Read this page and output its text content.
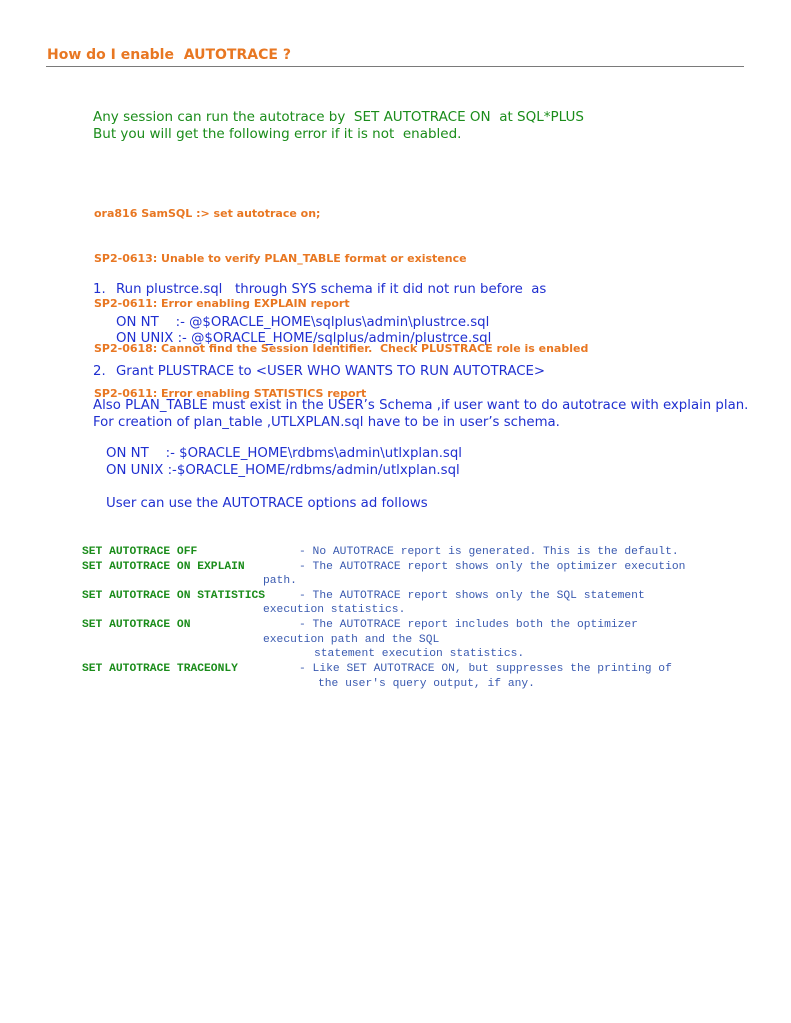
How do I enable  AUTOTRACE ?
Any session can run the autotrace by  SET AUTOTRACE ON  at SQL*PLUS
But you will get the following error if it is not  enabled.

ora816 SamSQL :> set autotrace on;

SP2-0613: Unable to verify PLAN_TABLE format or existence

SP2-0611: Error enabling EXPLAIN report

SP2-0618: Cannot find the Session Identifier.  Check PLUSTRACE role is enabled

SP2-0611: Error enabling STATISTICS report

1. Run plustrce.sql   through SYS schema if it did not run before  as
ON NT    :- @$ORACLE_HOME\sqlplus\admin\plustrce.sql
ON UNIX :- @$ORACLE_HOME/sqlplus/admin/plustrce.sql
2. Grant PLUSTRACE to <USER WHO WANTS TO RUN AUTOTRACE>
Also PLAN_TABLE must exist in the USER’s Schema ,if user want to do autotrace with explain plan. For creation of plan_table ,UTLXPLAN.sql have to be in user’s schema.
ON NT    :- $ORACLE_HOME\rdbms\admin\utlxplan.sql
ON UNIX :-$ORACLE_HOME/rdbms/admin/utlxplan.sql
User can use the AUTOTRACE options ad follows
SET AUTOTRACE OFF	- No AUTOTRACE report is generated. This is the default.
SET AUTOTRACE ON EXPLAIN	- The AUTOTRACE report shows only the optimizer execution
path.
SET AUTOTRACE ON STATISTICS	- The AUTOTRACE report shows only the SQL statement
execution statistics.
SET AUTOTRACE ON	- The AUTOTRACE report includes both the optimizer
execution path and the SQL
statement execution statistics.
SET AUTOTRACE TRACEONLY	- Like SET AUTOTRACE ON, but suppresses the printing of
the user's query output, if any.
